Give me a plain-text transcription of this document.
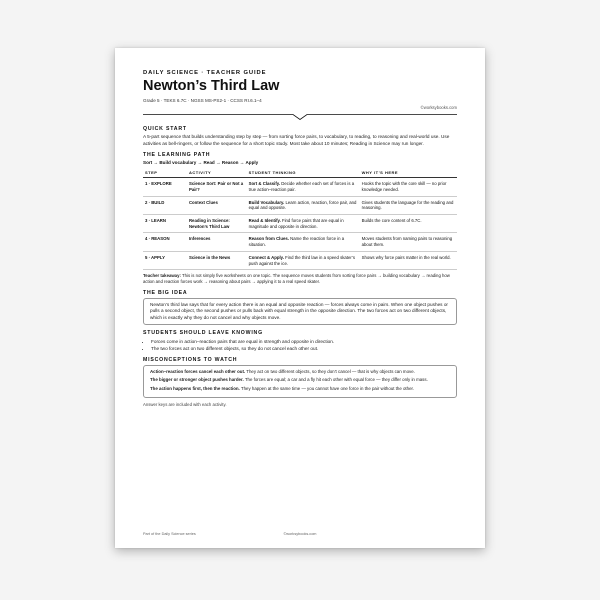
DAILY SCIENCE · TEACHER GUIDE
Newton’s Third Law
Grade 5 · TEKS 6.7C · NGSS MS-PS2-1 · CCSS RI.6.1–4
©worksybooks.com
QUICK START

A 5-part sequence that builds understanding step by step — from sorting force pairs, to vocabulary, to reading, to reasoning and real-world use. Use activities as bell-ringers, or follow the sequence for a short topic study. Most take about 10 minutes; Reading in Science may run longer.

THE LEARNING PATH
Sort → Build vocabulary → Read → Reason → Apply
STEP	ACTIVITY	STUDENT THINKING	WHY IT’S HERE
1 · EXPLORE	Science Sort: Pair or Not a Pair?	Sort & Classify. Decide whether each set of forces is a true action–reaction pair.	Hooks the topic with the core skill — no prior knowledge needed.
2 · BUILD	Context Clues	Build Vocabulary. Learn action, reaction, force pair, and equal and opposite.	Gives students the language for the reading and reasoning.
3 · LEARN	Reading in Science: Newton’s Third Law	Read & Identify. Find force pairs that are equal in magnitude and opposite in direction.	Builds the core content of 6.7C.
4 · REASON	Inferences	Reason from Clues. Name the reaction force in a situation.	Moves students from naming pairs to reasoning about them.
5 · APPLY	Science in the News	Connect & Apply. Find the third law in a speed skater’s push against the ice.	Shows why force pairs matter in the real world.

Teacher takeaway: This is not simply five worksheets on one topic. The sequence moves students from sorting force pairs → building vocabulary → reading how action and reaction forces work → reasoning about pairs → applying it to a real speed skater.

THE BIG IDEA

Newton’s third law says that for every action there is an equal and opposite reaction — forces always come in pairs. When one object pushes or pulls a second object, the second pushes or pulls back with equal strength in the opposite direction. The two forces act on two different objects, which is exactly why they do not cancel and why objects move.

STUDENTS SHOULD LEAVE KNOWING
• Forces come in action–reaction pairs that are equal in strength and opposite in direction.
• The two forces act on two different objects, so they do not cancel each other out.
MISCONCEPTIONS TO WATCH

Action–reaction forces cancel each other out. They act on two different objects, so they don’t cancel — that is why objects can move.

The bigger or stronger object pushes harder. The forces are equal; a car and a fly hit each other with equal force — they differ only in mass.

The action happens first, then the reaction. They happen at the same time — you cannot have one force in the pair without the other.

Answer keys are included with each activity.

Part of the Daily Science series	©worksybooks.com
